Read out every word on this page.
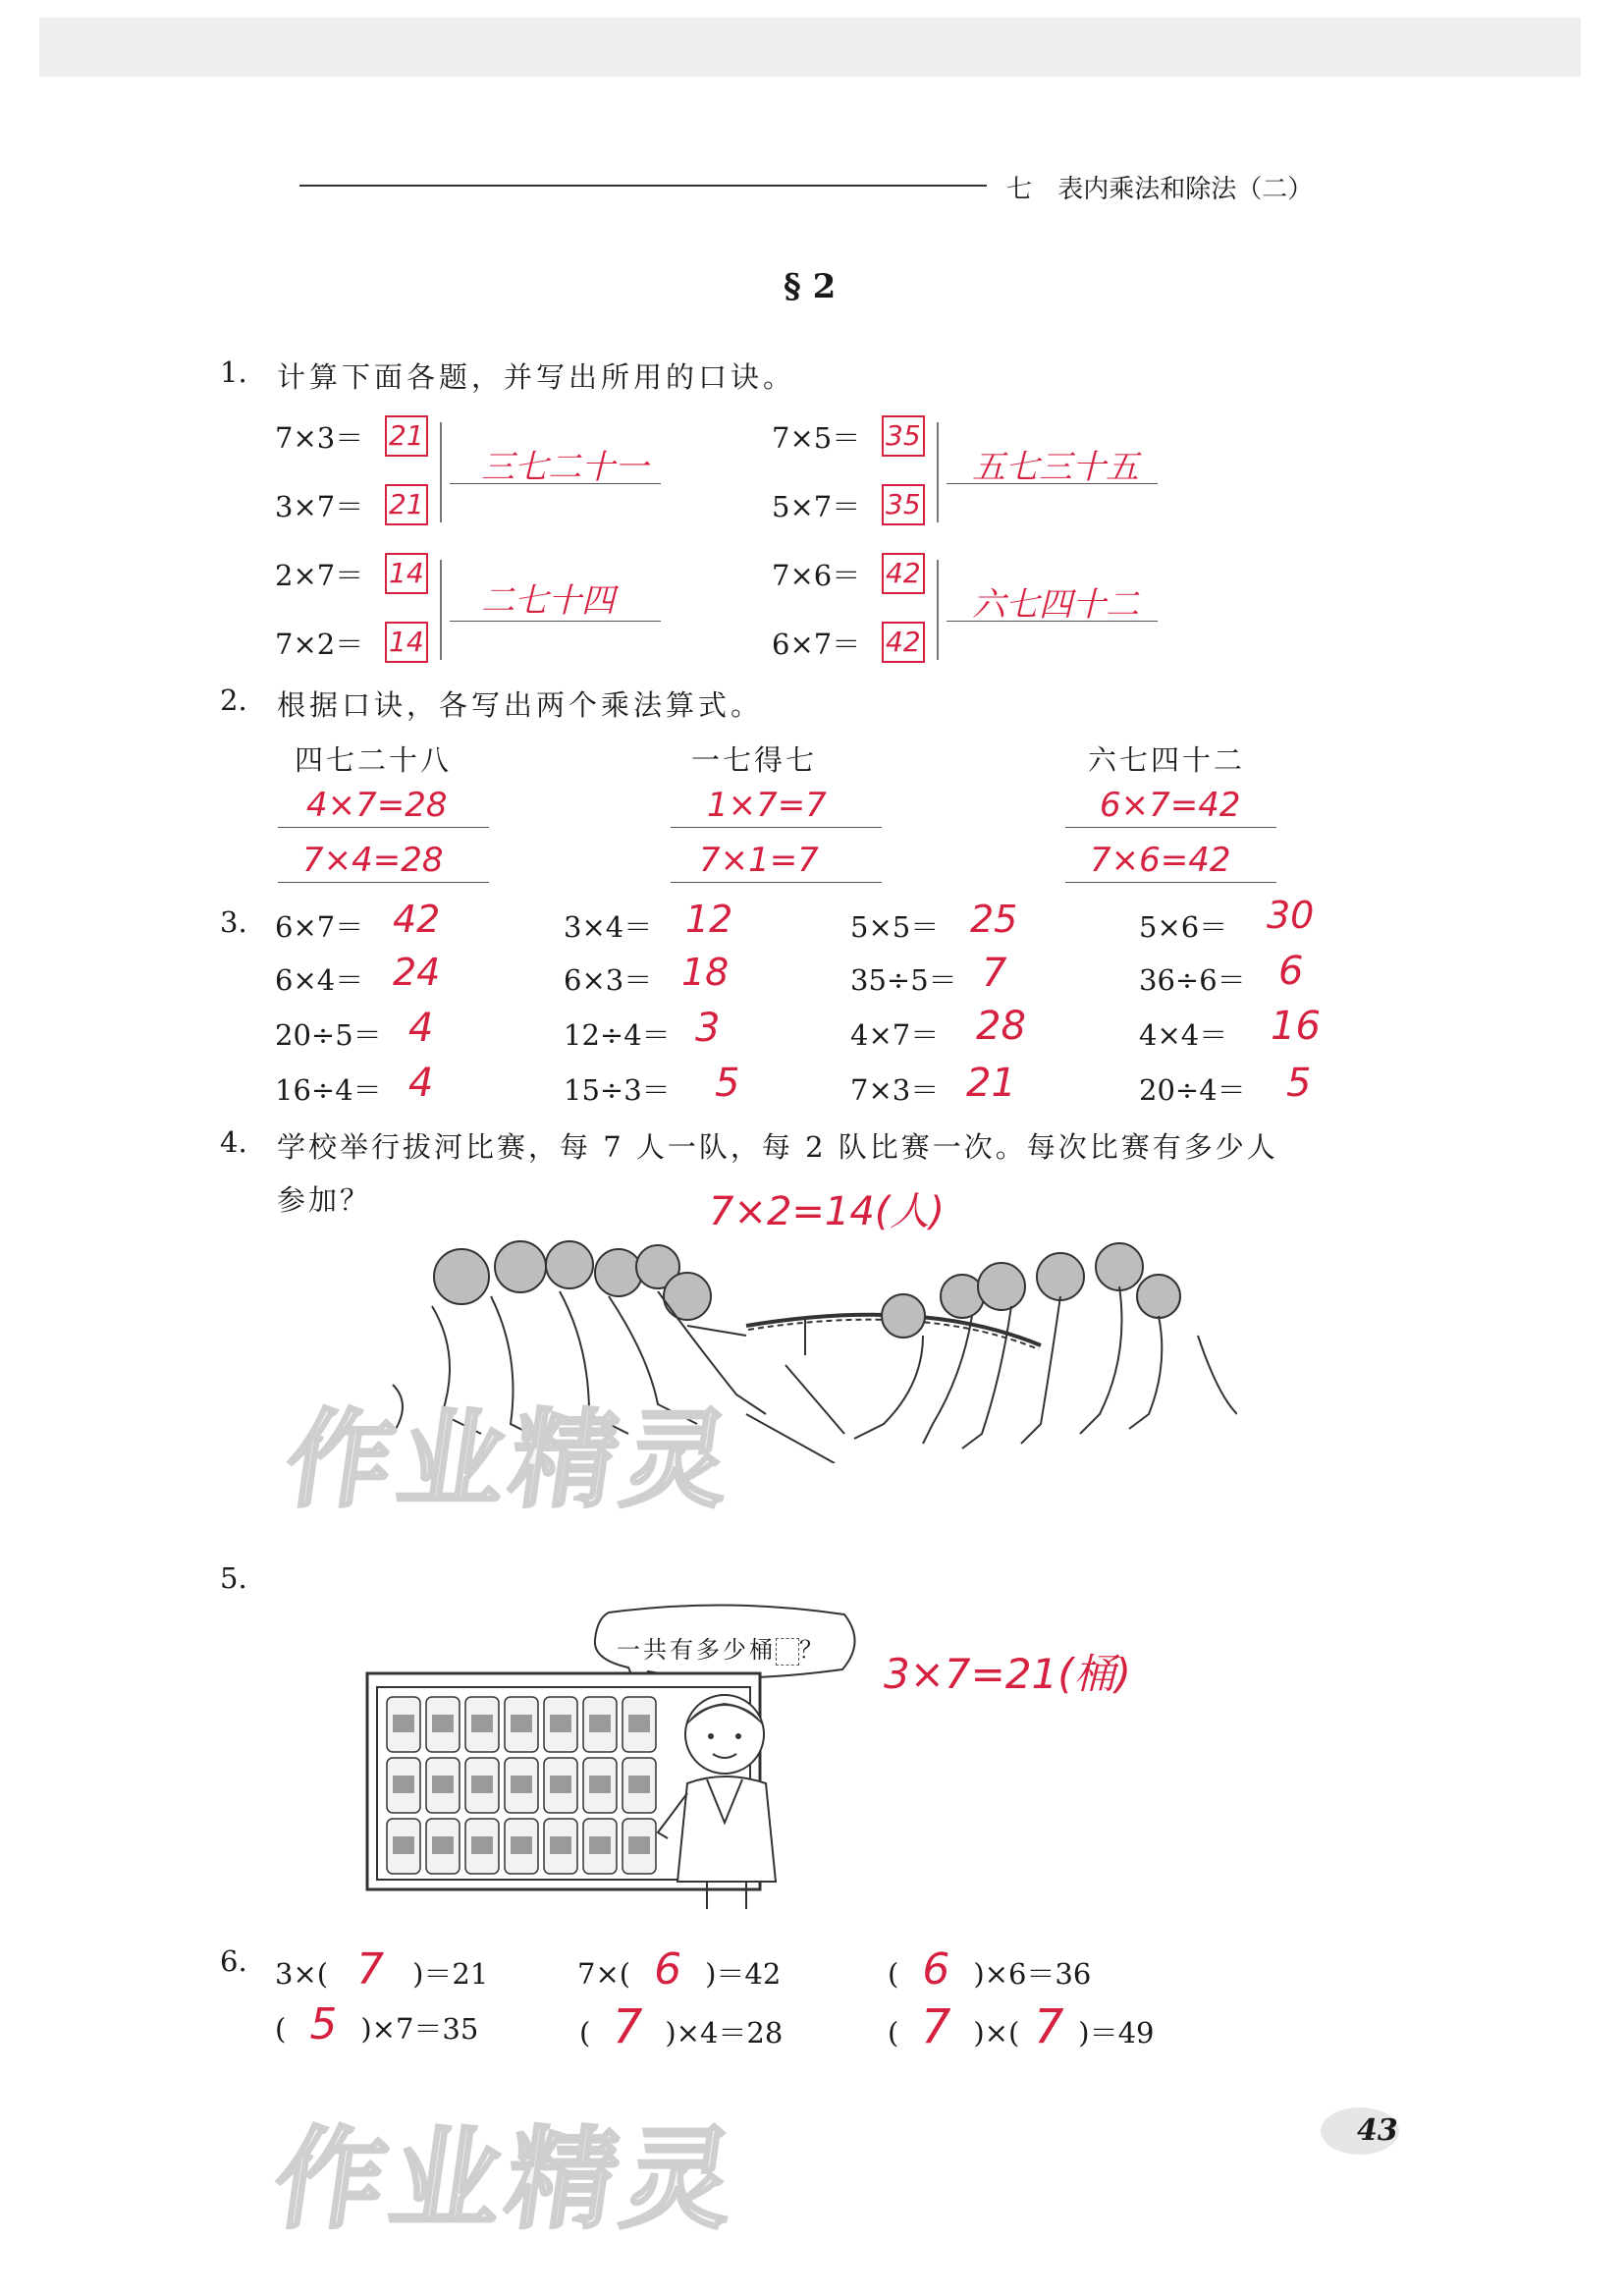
七 表内乘法和除法（二）
§ 2
1. 计算下面各题，并写出所用的口诀。
7×3＝ 21
3×7＝ 21
三七二十一
7×5＝ 35
5×7＝ 35
五七三十五
2×7＝ 14
7×2＝ 14
二七十四
7×6＝ 42
6×7＝ 42
六七四十二
2. 根据口诀，各写出两个乘法算式。
四七二十八
4×7=28
7×4=28
一七得七
1×7=7
7×1=7
六七四十二
6×7=42
7×6=42
3. 6×7＝ 42	3×4＝ 12	5×5＝ 25	5×6＝ 30
6×4＝ 24	6×3＝ 18	35÷5＝ 7	36÷6＝ 6
20÷5＝ 4	12÷4＝ 3	4×7＝ 28	4×4＝ 16
16÷4＝ 4	15÷3＝ 5	7×3＝ 21	20÷4＝ 5
4. 学校举行拔河比赛，每 7 人一队，每 2 队比赛一次。每次比赛有多少人
参加？	7×2=14(人)
作业精灵
5.
一共有多少桶 ？ 3×7=21(桶)
6. 3×( 7 )＝21	7×( 6 )＝42	( 6 )×6＝36
( 5 )×7＝35	( 7 )×4＝28	( 7 )×( 7 )＝49
作业精灵	43
